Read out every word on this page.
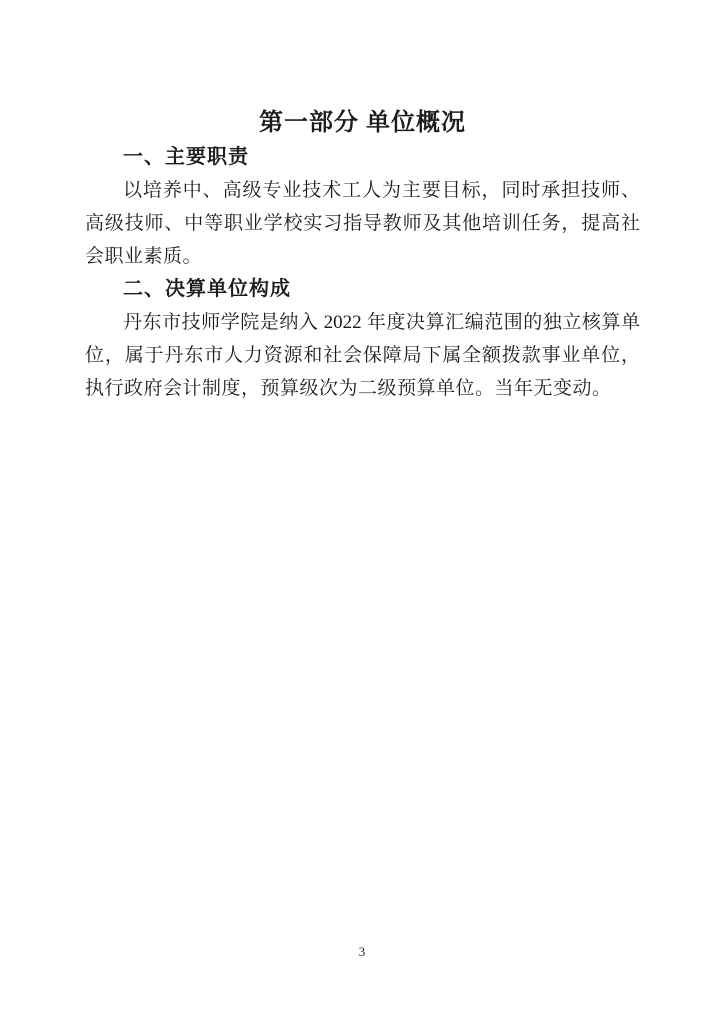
第一部分 单位概况
一、主要职责
以培养中、高级专业技术工人为主要目标，同时承担技师、
高级技师、中等职业学校实习指导教师及其他培训任务，提高社
会职业素质。
二、决算单位构成
丹东市技师学院是纳入 2022 年度决算汇编范围的独立核算单
位，属于丹东市人力资源和社会保障局下属全额拨款事业单位，
执行政府会计制度，预算级次为二级预算单位。当年无变动。
3
